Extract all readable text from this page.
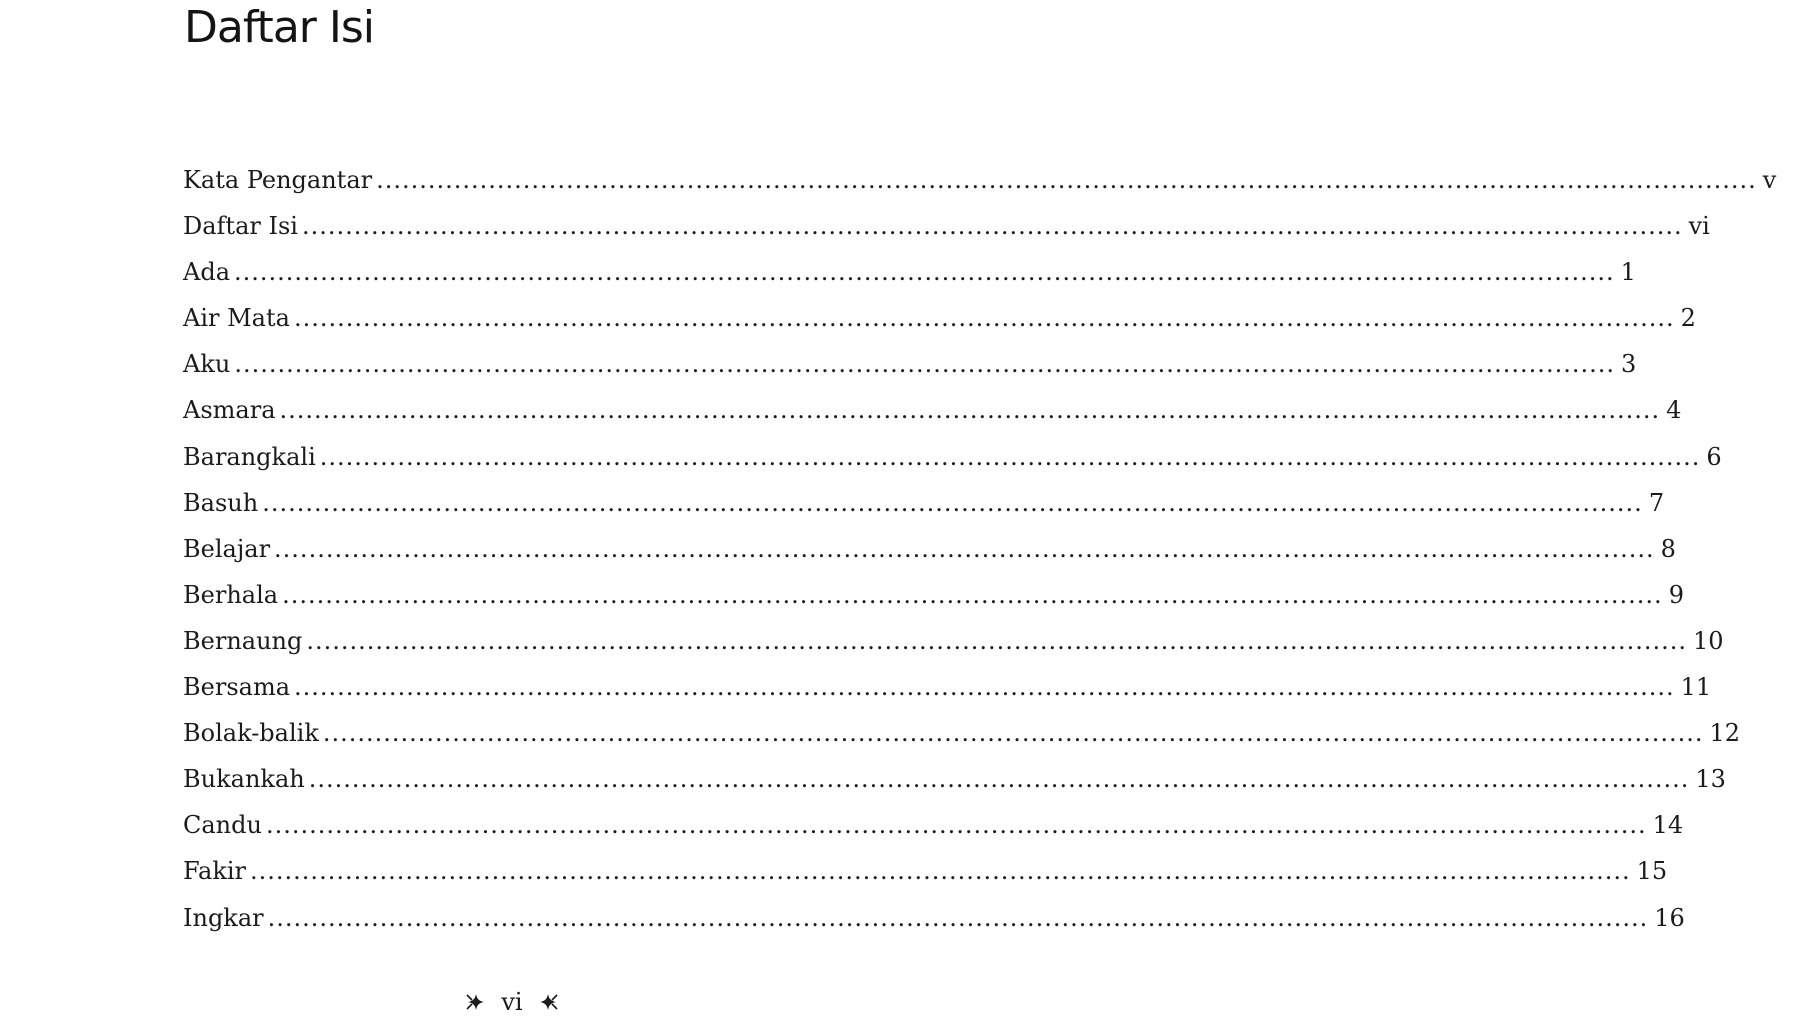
Daftar Isi
Kata Pengantar ................................................................................................................................................................ v
Daftar Isi ................................................................................................................................................................ vi
Ada ................................................................................................................................................................ 1
Air Mata ................................................................................................................................................................ 2
Aku ................................................................................................................................................................ 3
Asmara ................................................................................................................................................................ 4
Barangkali ................................................................................................................................................................ 6
Basuh ................................................................................................................................................................ 7
Belajar ................................................................................................................................................................ 8
Berhala ................................................................................................................................................................ 9
Bernaung ................................................................................................................................................................ 10
Bersama ................................................................................................................................................................ 11
Bolak-balik ................................................................................................................................................................ 12
Bukankah ................................................................................................................................................................ 13
Candu ................................................................................................................................................................ 14
Fakir ................................................................................................................................................................ 15
Ingkar ................................................................................................................................................................ 16
vi
